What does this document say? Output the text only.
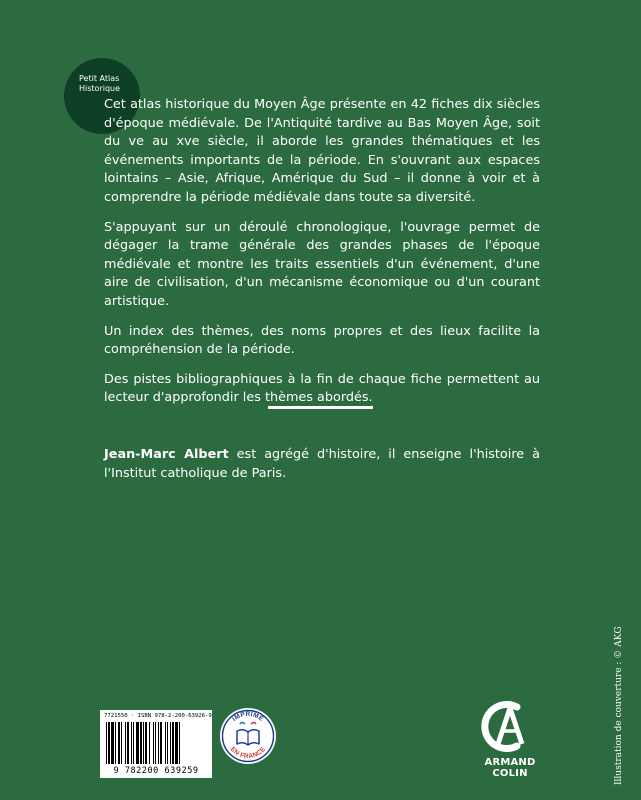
Petit Atlas
Historique

Cet atlas historique du Moyen Âge présente en 42 fiches dix siècles d'époque médiévale. De l'Antiquité tardive au Bas Moyen Âge, soit du ve au xve siècle, il aborde les grandes thématiques et les événements importants de la période. En s'ouvrant aux espaces lointains – Asie, Afrique, Amérique du Sud – il donne à voir et à comprendre la période médiévale dans toute sa diversité.

S'appuyant sur un déroulé chronologique, l'ouvrage permet de dégager la trame générale des grandes phases de l'époque médiévale et montre les traits essentiels d'un événement, d'une aire de civilisation, d'un mécanisme économique ou d'un courant artistique.

Un index des thèmes, des noms propres et des lieux facilite la compréhension de la période.

Des pistes bibliographiques à la fin de chaque fiche permettent au lecteur d'approfondir les thèmes abordés.

Jean-Marc Albert est agrégé d'histoire, il enseigne l'histoire à l'Institut catholique de Paris.
7721550 · ISBN 978-2-200-63926-9
9 782200 639259
IMPRIMÉ
EN FRANCE
ARMAND COLIN	Illustration de couverture : © AKG
